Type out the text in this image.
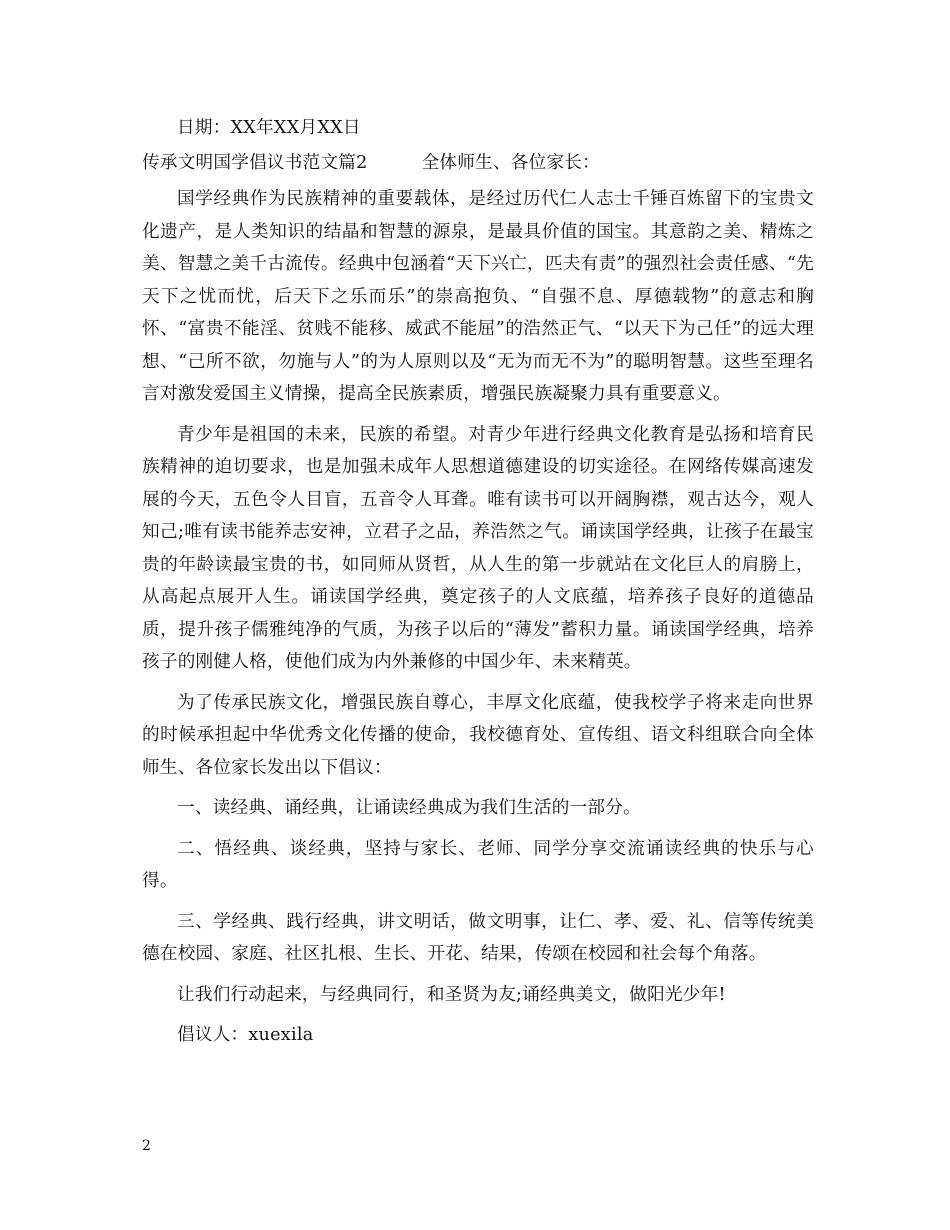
日期：XX年XX月XX日

传承文明国学倡议书范文篇2	全体师生、各位家长：

国学经典作为民族精神的重要载体，是经过历代仁人志士千锤百炼留下的宝贵文化遗产，是人类知识的结晶和智慧的源泉，是最具价值的国宝。其意韵之美、精炼之美、智慧之美千古流传。经典中包涵着“天下兴亡，匹夫有责”的强烈社会责任感、“先天下之忧而忧，后天下之乐而乐”的崇高抱负、“自强不息、厚德载物”的意志和胸怀、“富贵不能淫、贫贱不能移、威武不能屈”的浩然正气、“以天下为己任”的远大理想、“己所不欲，勿施与人”的为人原则以及“无为而无不为”的聪明智慧。这些至理名言对激发爱国主义情操，提高全民族素质，增强民族凝聚力具有重要意义。

青少年是祖国的未来，民族的希望。对青少年进行经典文化教育是弘扬和培育民族精神的迫切要求，也是加强未成年人思想道德建设的切实途径。在网络传媒高速发展的今天，五色令人目盲，五音令人耳聋。唯有读书可以开阔胸襟，观古达今，观人知己;唯有读书能养志安神，立君子之品，养浩然之气。诵读国学经典，让孩子在最宝贵的年龄读最宝贵的书，如同师从贤哲，从人生的第一步就站在文化巨人的肩膀上，从高起点展开人生。诵读国学经典，奠定孩子的人文底蕴，培养孩子良好的道德品质，提升孩子儒雅纯净的气质，为孩子以后的“薄发”蓄积力量。诵读国学经典，培养孩子的刚健人格，使他们成为内外兼修的中国少年、未来精英。

为了传承民族文化，增强民族自尊心，丰厚文化底蕴，使我校学子将来走向世界的时候承担起中华优秀文化传播的使命，我校德育处、宣传组、语文科组联合向全体师生、各位家长发出以下倡议：

一、读经典、诵经典，让诵读经典成为我们生活的一部分。

二、悟经典、谈经典，坚持与家长、老师、同学分享交流诵读经典的快乐与心得。

三、学经典、践行经典，讲文明话，做文明事，让仁、孝、爱、礼、信等传统美德在校园、家庭、社区扎根、生长、开花、结果，传颂在校园和社会每个角落。

让我们行动起来，与经典同行，和圣贤为友;诵经典美文，做阳光少年!

倡议人：xuexila

2
